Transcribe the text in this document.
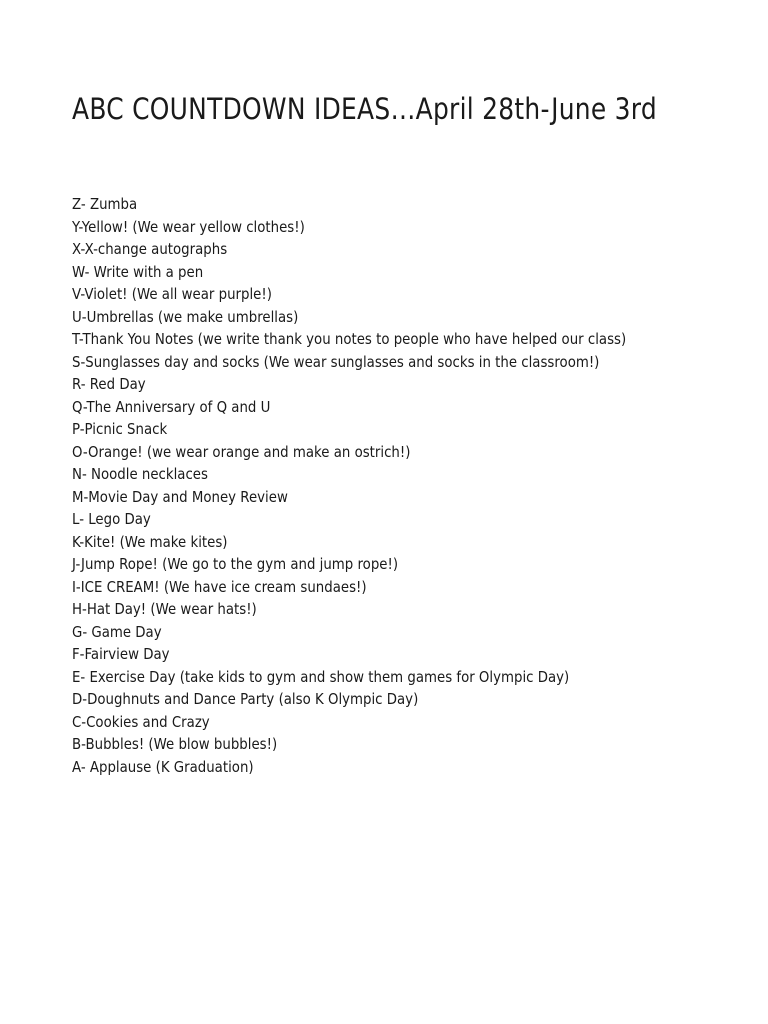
ABC COUNTDOWN IDEAS…April 28th-June 3rd
Z- Zumba
Y-Yellow! (We wear yellow clothes!)
X-X-change autographs
W- Write with a pen
V-Violet! (We all wear purple!)
U-Umbrellas (we make umbrellas)
T-Thank You Notes (we write thank you notes to people who have helped our class)
S-Sunglasses day and socks (We wear sunglasses and socks in the classroom!)
R- Red Day
Q-The Anniversary of Q and U
P-Picnic Snack
O-Orange! (we wear orange and make an ostrich!)
N- Noodle necklaces
M-Movie Day and Money Review
L- Lego Day
K-Kite! (We make kites)
J-Jump Rope! (We go to the gym and jump rope!)
I-ICE CREAM! (We have ice cream sundaes!)
H-Hat Day! (We wear hats!)
G- Game Day
F-Fairview Day
E- Exercise Day (take kids to gym and show them games for Olympic Day)
D-Doughnuts and Dance Party (also K Olympic Day)
C-Cookies and Crazy
B-Bubbles! (We blow bubbles!)
A- Applause (K Graduation)
